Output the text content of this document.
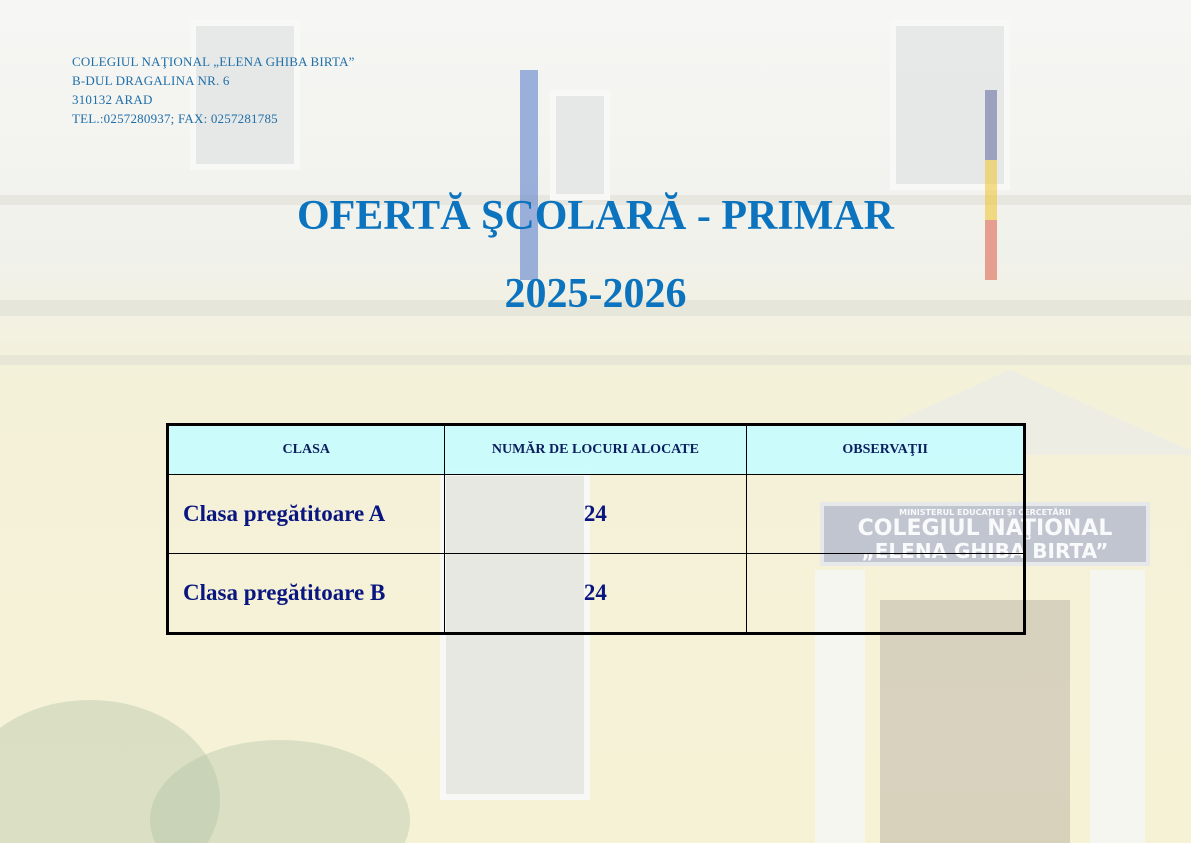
MINISTERUL EDUCAŢIEI ŞI CERCETĂRII
COLEGIUL NAŢIONAL
„ELENA GHIBA BIRTA”
COLEGIUL NAŢIONAL „ELENA GHIBA BIRTA”
B-DUL DRAGALINA NR. 6
310132 ARAD
TEL.:0257280937; FAX: 0257281785
OFERTĂ ŞCOLARĂ - PRIMAR
2025-2026
CLASA	NUMĂR DE LOCURI ALOCATE	OBSERVAŢII
Clasa pregătitoare A	24	
Clasa pregătitoare B	24	
